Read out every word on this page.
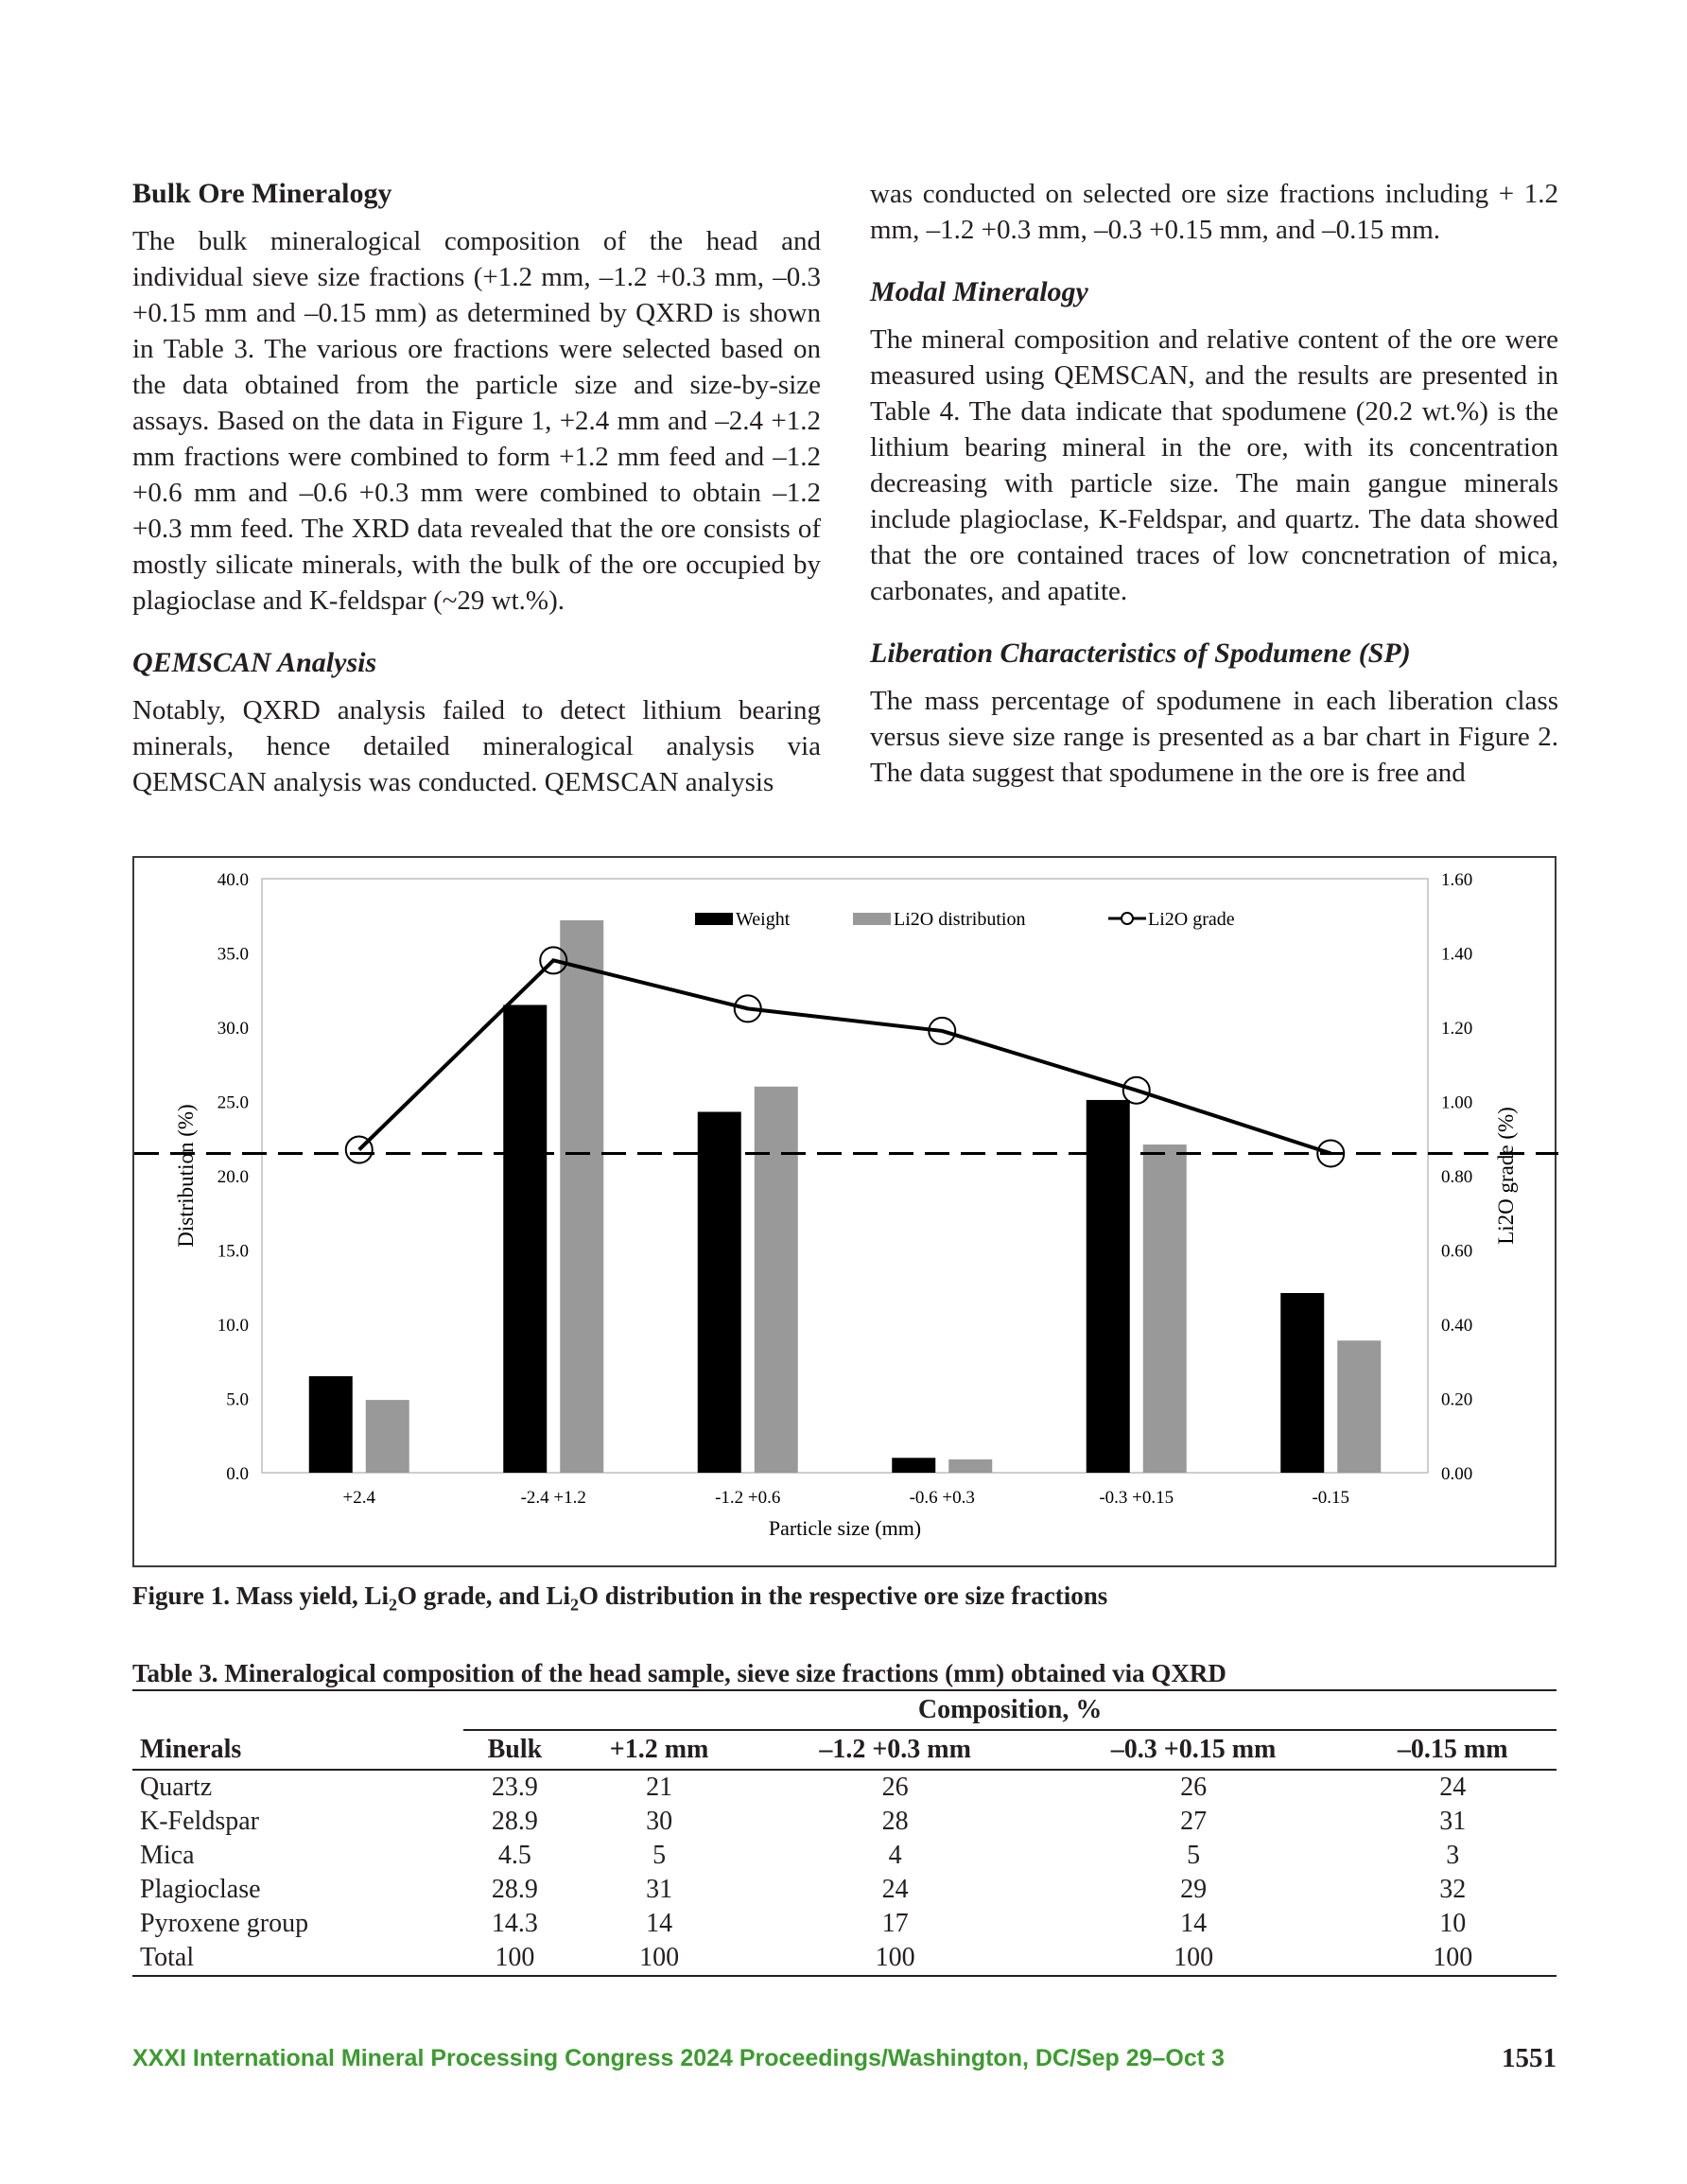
Bulk Ore Mineralogy

The bulk mineralogical composition of the head and individual sieve size fractions (+1.2 mm, –1.2 +0.3 mm, –0.3 +0.15 mm and –0.15 mm) as determined by QXRD is shown in Table 3. The various ore fractions were selected based on the data obtained from the particle size and size-by-size assays. Based on the data in Figure 1, +2.4 mm and –2.4 +1.2 mm fractions were combined to form +1.2 mm feed and –1.2 +0.6 mm and –0.6 +0.3 mm were combined to obtain –1.2 +0.3 mm feed. The XRD data revealed that the ore consists of mostly silicate minerals, with the bulk of the ore occupied by plagioclase and K-feldspar (~29 wt.%).

QEMSCAN Analysis

Notably, QXRD analysis failed to detect lithium bearing minerals, hence detailed mineralogical analysis via QEMSCAN analysis was conducted. QEMSCAN analysis

was conducted on selected ore size fractions including + 1.2 mm, –1.2 +0.3 mm, –0.3 +0.15 mm, and –0.15 mm.

Modal Mineralogy

The mineral composition and relative content of the ore were measured using QEMSCAN, and the results are presented in Table 4. The data indicate that spodumene (20.2 wt.%) is the lithium bearing mineral in the ore, with its concentration decreasing with particle size. The main gangue minerals include plagioclase, K-Feldspar, and quartz. The data showed that the ore contained traces of low concnetration of mica, carbonates, and apatite.

Liberation Characteristics of Spodumene (SP)

The mass percentage of spodumene in each liberation class versus sieve size range is presented as a bar chart in Figure 2. The data suggest that spodumene in the ore is free and

0.0
5.0
10.0
15.0
20.0
25.0
30.0
35.0
40.0
0.00
0.20
0.40
0.60
0.80
1.00
1.20
1.40
1.60
+2.4	-2.4 +1.2	-1.2 +0.6	-0.6 +0.3	-0.3 +0.15	-0.15
Weight	Li2O distribution	Li2O grade
Particle size (mm)
Distribution (%)	Li2O grade (%)
Figure 1. Mass yield, $Li_2O$ grade, and $Li_2O$ distribution in the respective ore size fractions
Table 3. Mineralogical composition of the head sample, sieve size fractions (mm) obtained via QXRD
	Composition, %				
Minerals	Bulk	+1.2 mm	–1.2 +0.3 mm	–0.3 +0.15 mm	–0.15 mm
Quartz	23.9	21	26	26	24
K-Feldspar	28.9	30	28	27	31
Mica	4.5	5	4	5	3
Plagioclase	28.9	31	24	29	32
Pyroxene group	14.3	14	17	14	10
Total	100	100	100	100	100
XXXI International Mineral Processing Congress 2024 Proceedings/Washington, DC/Sep 29–Oct 3	1551
